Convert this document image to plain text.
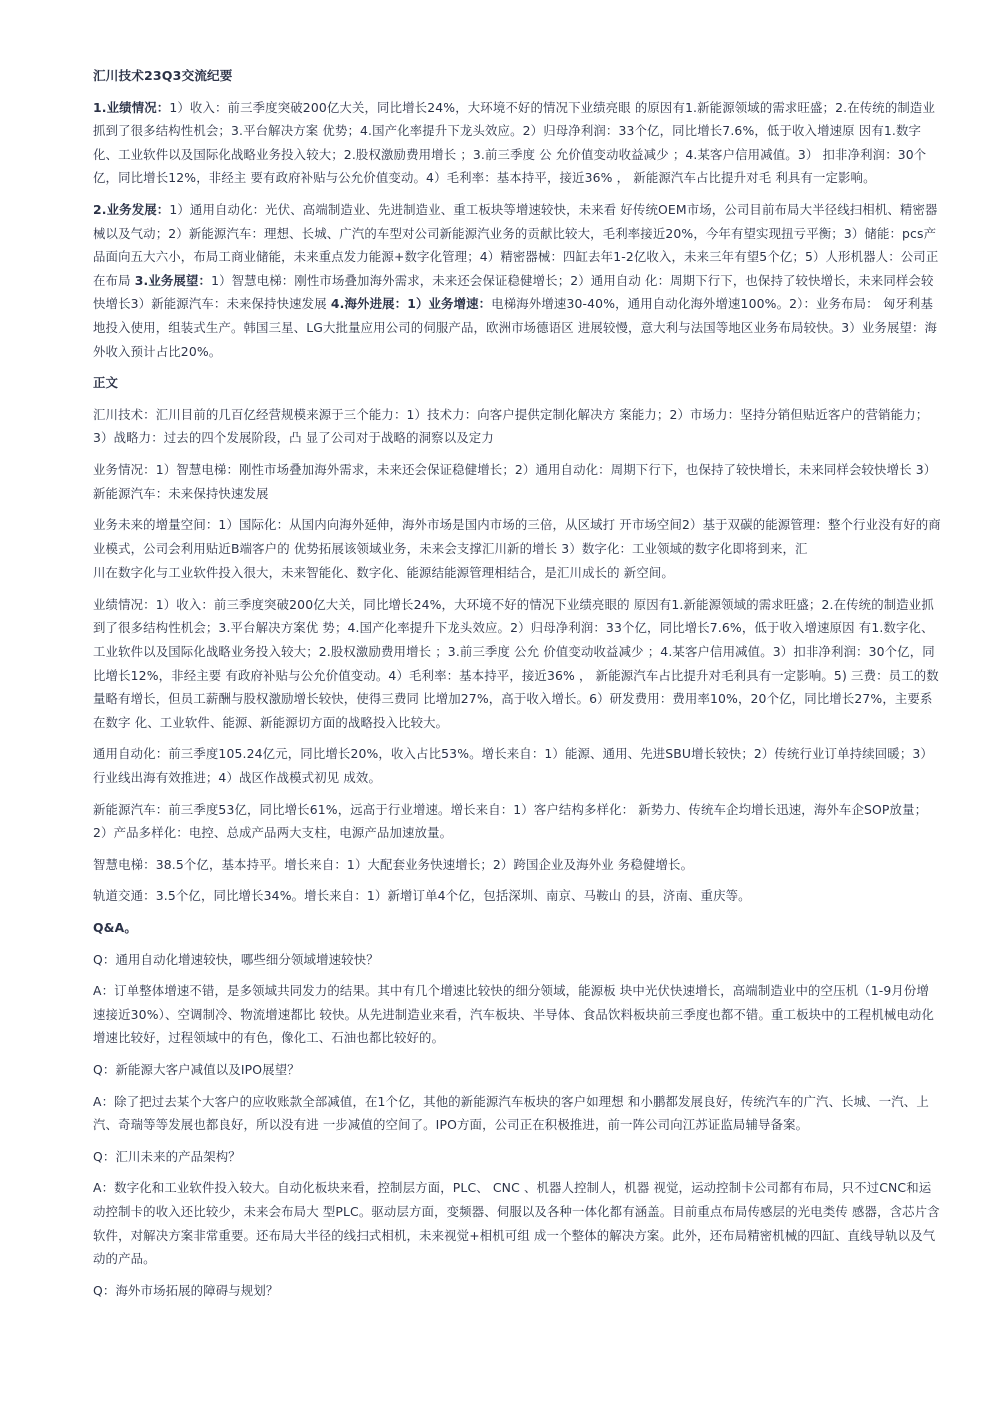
汇川技术23Q3交流纪要

1.业绩情况：1）收入：前三季度突破200亿大关，同比增长24%，大环境不好的情况下业绩亮眼 的原因有1.新能源领域的需求旺盛；2.在传统的制造业抓到了很多结构性机会；3.平台解决方案 优势；4.国产化率提升下龙头效应。2）归母净利润：33个亿，同比增长7.6%，低于收入增速原 因有1.数字化、工业软件以及国际化战略业务投入较大；2.股权激励费用增长 ；3.前三季度 公 允价值变动收益减少 ；4.某客户信用减值。3） 扣非净利润：30个亿，同比增长12%，非经主 要有政府补贴与公允价值变动。4）毛利率：基本持平，接近36% ， 新能源汽车占比提升对毛 利具有一定影响。

2.业务发展：1）通用自动化：光伏、高端制造业、先进制造业、重工板块等增速较快，未来看 好传统OEM市场，公司目前布局大半径线扫相机、精密器械以及气动；2）新能源汽车：理想、长城、广汽的车型对公司新能源汽业务的贡献比较大，毛利率接近20%，今年有望实现扭亏平衡；3）储能：pcs产品面向五大六小，布局工商业储能，未来重点发力能源+数字化管理；4）精密器械：四缸去年1-2亿收入，未来三年有望5个亿；5）人形机器人：公司正在布局 3.业务展望：1）智慧电梯：刚性市场叠加海外需求，未来还会保证稳健增长；2）通用自动 化：周期下行下，也保持了较快增长，未来同样会较快增长3）新能源汽车：未来保持快速发展 4.海外进展：1）业务增速：电梯海外增速30-40%，通用自动化海外增速100%。2）：业务布局： 匈牙利基地投入使用，组装式生产。韩国三星、LG大批量应用公司的伺服产品，欧洲市场德语区 进展较慢，意大利与法国等地区业务布局较快。3）业务展望：海外收入预计占比20%。

正文

汇川技术：汇川目前的几百亿经营规模来源于三个能力：1）技术力：向客户提供定制化解决方 案能力；2）市场力：坚持分销但贴近客户的营销能力；3）战略力：过去的四个发展阶段，凸 显了公司对于战略的洞察以及定力

业务情况：1）智慧电梯：刚性市场叠加海外需求，未来还会保证稳健增长；2）通用自动化：周期下行下，也保持了较快增长，未来同样会较快增长 3）新能源汽车：未来保持快速发展

业务未来的增量空间：1）国际化：从国内向海外延伸，海外市场是国内市场的三倍，从区域打 开市场空间2）基于双碳的能源管理：整个行业没有好的商业模式，公司会利用贴近B端客户的 优势拓展该领域业务，未来会支撑汇川新的增长 3）数字化：工业领域的数字化即将到来，汇

川在数字化与工业软件投入很大，未来智能化、数字化、能源结能源管理相结合，是汇川成长的 新空间。

业绩情况：1）收入：前三季度突破200亿大关，同比增长24%，大环境不好的情况下业绩亮眼的 原因有1.新能源领域的需求旺盛；2.在传统的制造业抓到了很多结构性机会；3.平台解决方案优 势；4.国产化率提升下龙头效应。2）归母净利润：33个亿，同比增长7.6%，低于收入增速原因 有1.数字化、工业软件以及国际化战略业务投入较大；2.股权激励费用增长 ；3.前三季度 公允 价值变动收益减少 ；4.某客户信用减值。3）扣非净利润：30个亿，同比增长12%，非经主要 有政府补贴与公允价值变动。4）毛利率：基本持平，接近36% ， 新能源汽车占比提升对毛利具有一定影响。5) 三费：员工的数量略有增长，但员工薪酬与股权激励增长较快，使得三费同 比增加27%，高于收入增长。6）研发费用：费用率10%，20个亿，同比增长27%，主要系在数字 化、工业软件、能源、新能源切方面的战略投入比较大。

通用自动化：前三季度105.24亿元，同比增长20%，收入占比53%。增长来自：1）能源、通用、先进SBU增长较快；2）传统行业订单持续回暖；3）行业线出海有效推进；4）战区作战模式初见 成效。

新能源汽车：前三季度53亿，同比增长61%，远高于行业增速。增长来自：1）客户结构多样化： 新势力、传统车企均增长迅速，海外车企SOP放量；2）产品多样化：电控、总成产品两大支柱，电源产品加速放量。

智慧电梯：38.5个亿，基本持平。增长来自：1）大配套业务快速增长；2）跨国企业及海外业 务稳健增长。

轨道交通：3.5个亿，同比增长34%。增长来自：1）新增订单4个亿，包括深圳、南京、马鞍山 的县，济南、重庆等。

Q&A。

Q：通用自动化增速较快，哪些细分领域增速较快？

A：订单整体增速不错，是多领域共同发力的结果。其中有几个增速比较快的细分领域，能源板 块中光伏快速增长，高端制造业中的空压机（1-9月份增速接近30%）、空调制冷、物流增速都比 较快。从先进制造业来看，汽车板块、半导体、食品饮料板块前三季度也都不错。重工板块中的工程机械电动化增速比较好，过程领域中的有色，像化工、石油也都比较好的。

Q：新能源大客户减值以及IPO展望？

A：除了把过去某个大客户的应收账款全部减值，在1个亿，其他的新能源汽车板块的客户如理想 和小鹏都发展良好，传统汽车的广汽、长城、一汽、上汽、奇瑞等等发展也都良好，所以没有进 一步减值的空间了。IPO方面，公司正在积极推进，前一阵公司向江苏证监局辅导备案。

Q：汇川未来的产品架构？

A：数字化和工业软件投入较大。自动化板块来看，控制层方面，PLC、 CNC 、机器人控制人，机器 视觉，运动控制卡公司都有布局，只不过CNC和运动控制卡的收入还比较少，未来会布局大 型PLC。驱动层方面，变频器、伺服以及各种一体化都有涵盖。目前重点布局传感层的光电类传 感器，含芯片含软件，对解决方案非常重要。还布局大半径的线扫式相机，未来视觉+相机可组 成一个整体的解决方案。此外，还布局精密机械的四缸、直线导轨以及气动的产品。

Q：海外市场拓展的障碍与规划？
